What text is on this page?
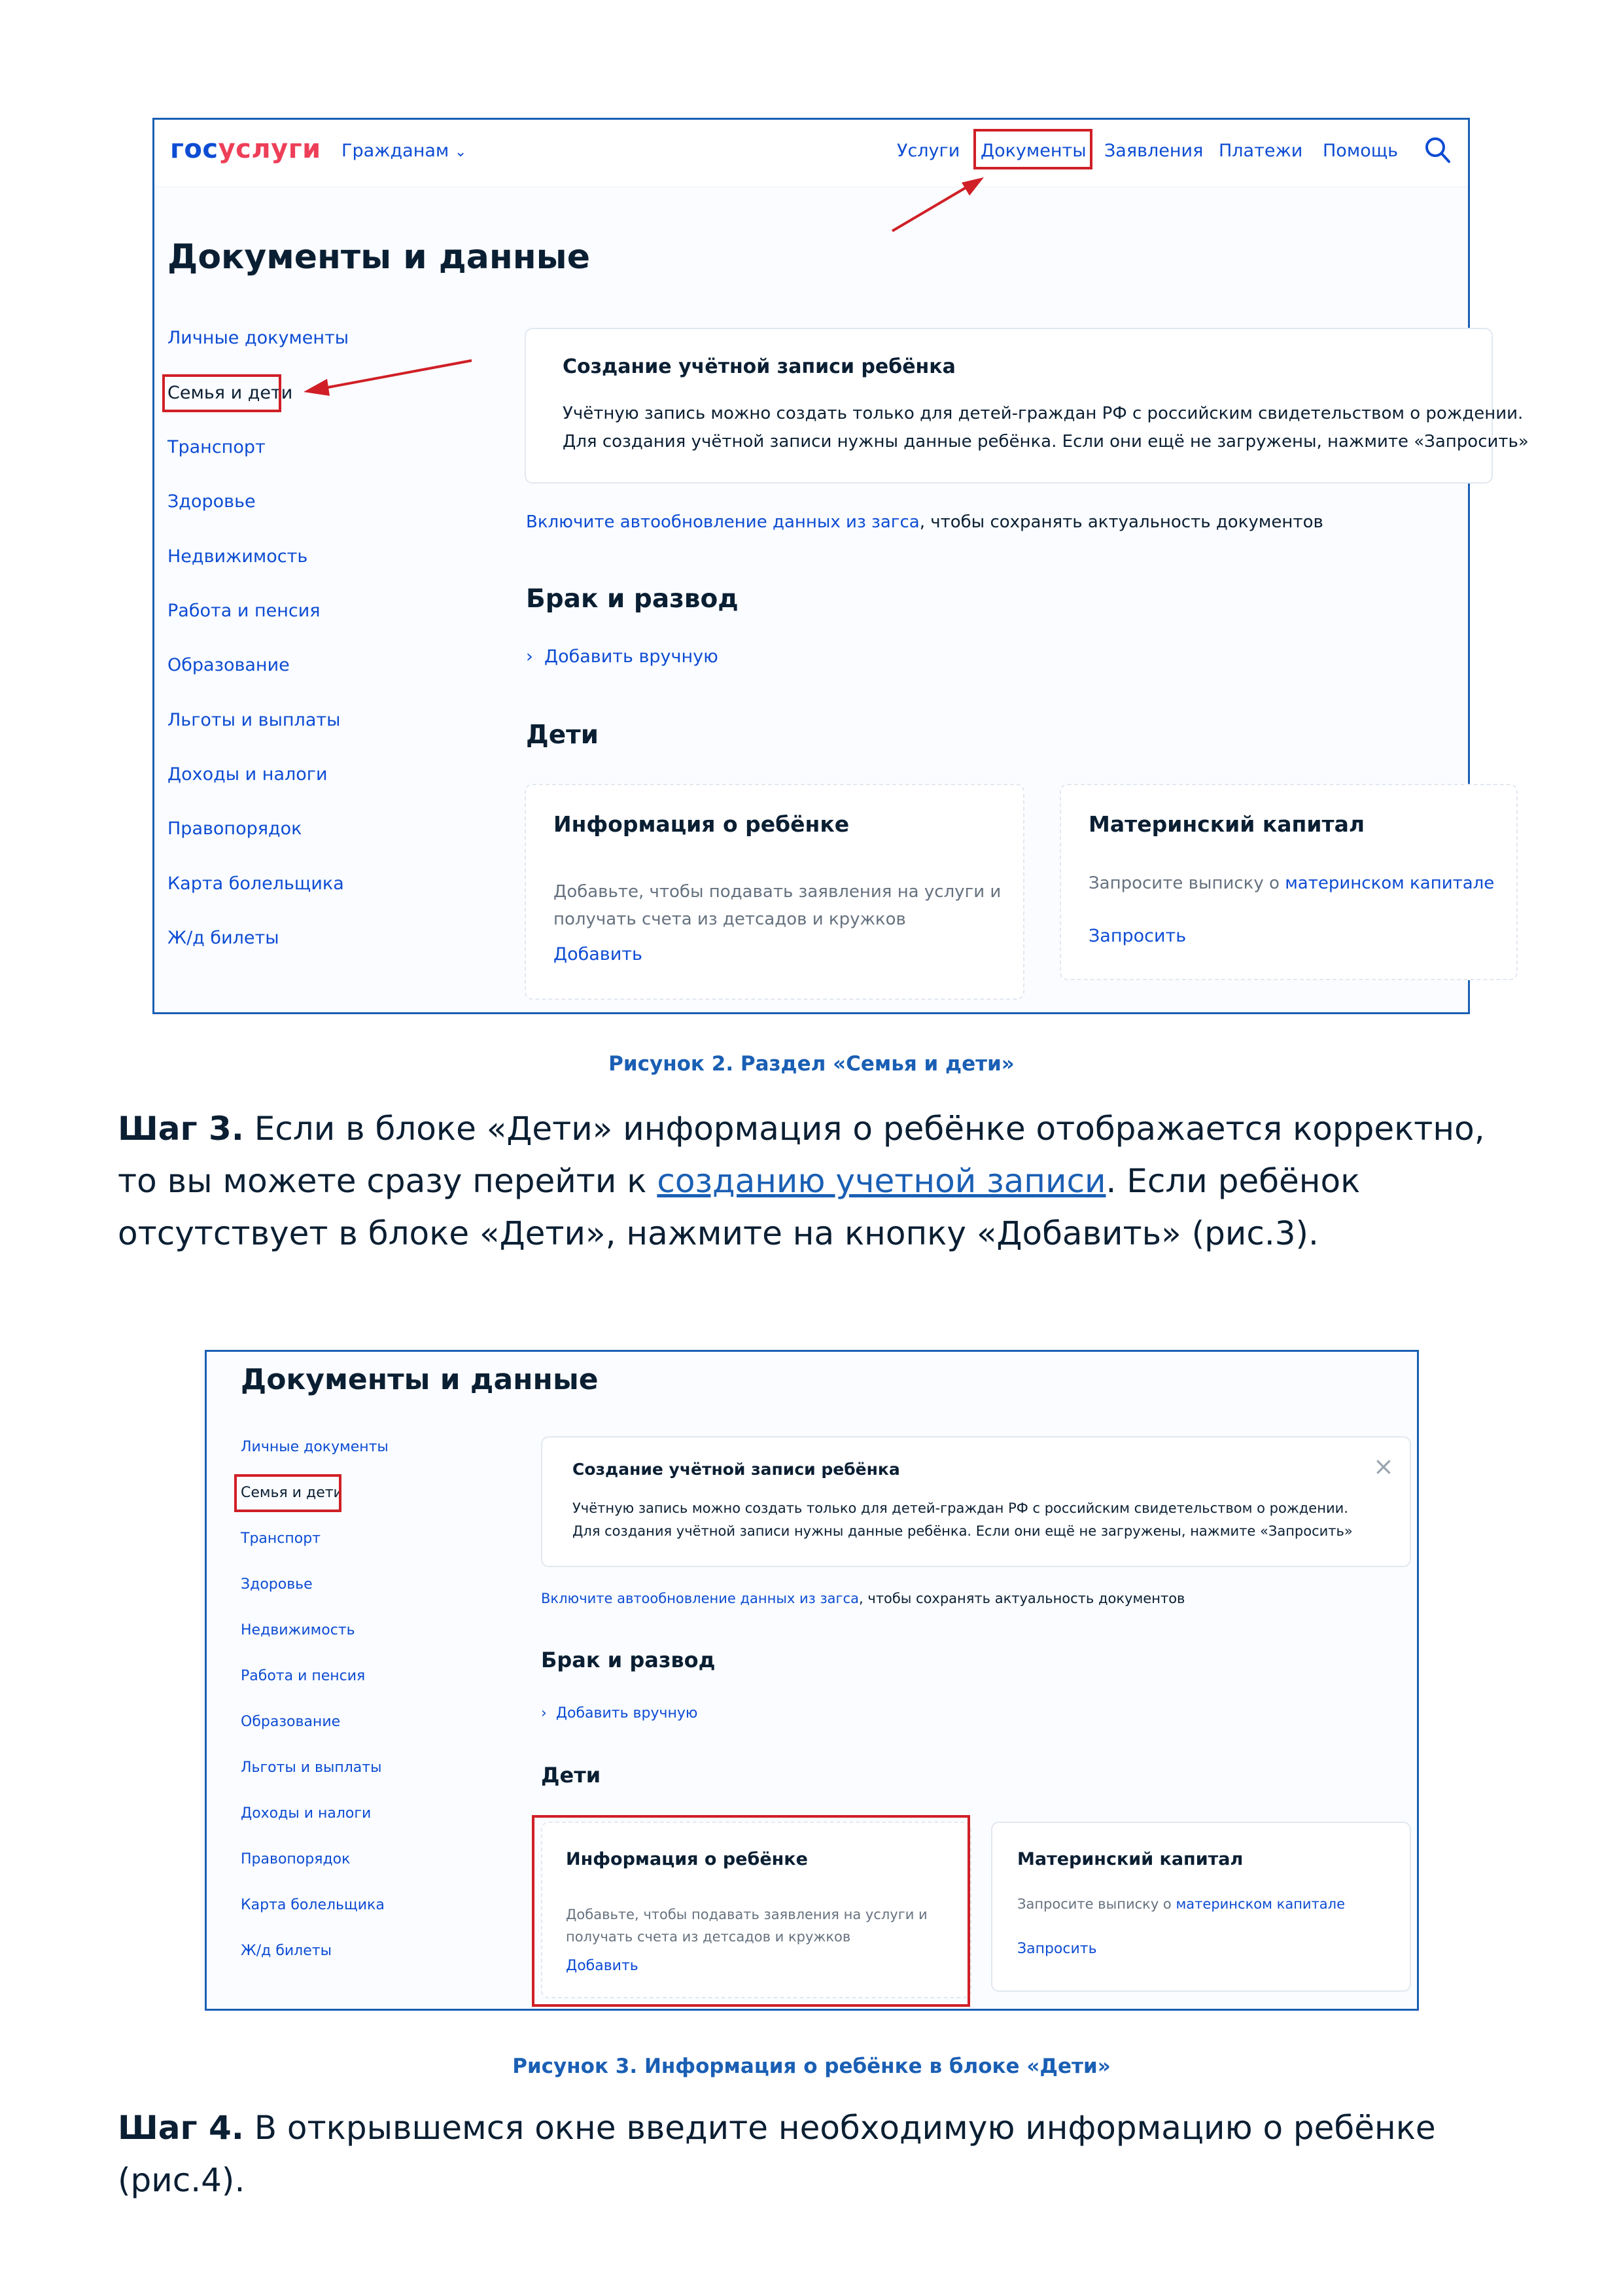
госуслуги Гражданам ⌄	Услуги Документы Заявления Платежи Помощь
Документы и данные
Личные документы
Семья и дети
Транспорт
Здоровье
Недвижимость
Работа и пенсия
Образование
Льготы и выплаты
Доходы и налоги
Правопорядок
Карта болельщика
Ж/д билеты
Создание учётной записи ребёнка
Учётную запись можно создать только для детей-граждан РФ с российским свидетельством о рождении.
Для создания учётной записи нужны данные ребёнка. Если они ещё не загружены, нажмите «Запросить»
Включите автообновление данных из загса, чтобы сохранять актуальность документов
Брак и развод
› Добавить вручную
Дети
Информация о ребёнке
Добавьте, чтобы подавать заявления на услуги и
получать счета из детсадов и кружков
Добавить
Материнский капитал
Запросите выписку о материнском капитале
Запросить
Рисунок 2. Раздел «Семья и дети»
Шаг 3. Если в блоке «Дети» информация о ребёнке отображается корректно, то вы можете сразу перейти к созданию учетной записи. Если ребёнок отсутствует в блоке «Дети», нажмите на кнопку «Добавить» (рис.3).
Документы и данные
Личные документы
Семья и дети
Транспорт
Здоровье
Недвижимость
Работа и пенсия
Образование
Льготы и выплаты
Доходы и налоги
Правопорядок
Карта болельщика
Ж/д билеты
Создание учётной записи ребёнка	×
Учётную запись можно создать только для детей-граждан РФ с российским свидетельством о рождении.
Для создания учётной записи нужны данные ребёнка. Если они ещё не загружены, нажмите «Запросить»
Включите автообновление данных из загса, чтобы сохранять актуальность документов
Брак и развод
› Добавить вручную
Дети
Информация о ребёнке
Добавьте, чтобы подавать заявления на услуги и
получать счета из детсадов и кружков
Добавить
Материнский капитал
Запросите выписку о материнском капитале
Запросить
Рисунок 3. Информация о ребёнке в блоке «Дети»
Шаг 4. В открывшемся окне введите необходимую информацию о ребёнке (рис.4).
